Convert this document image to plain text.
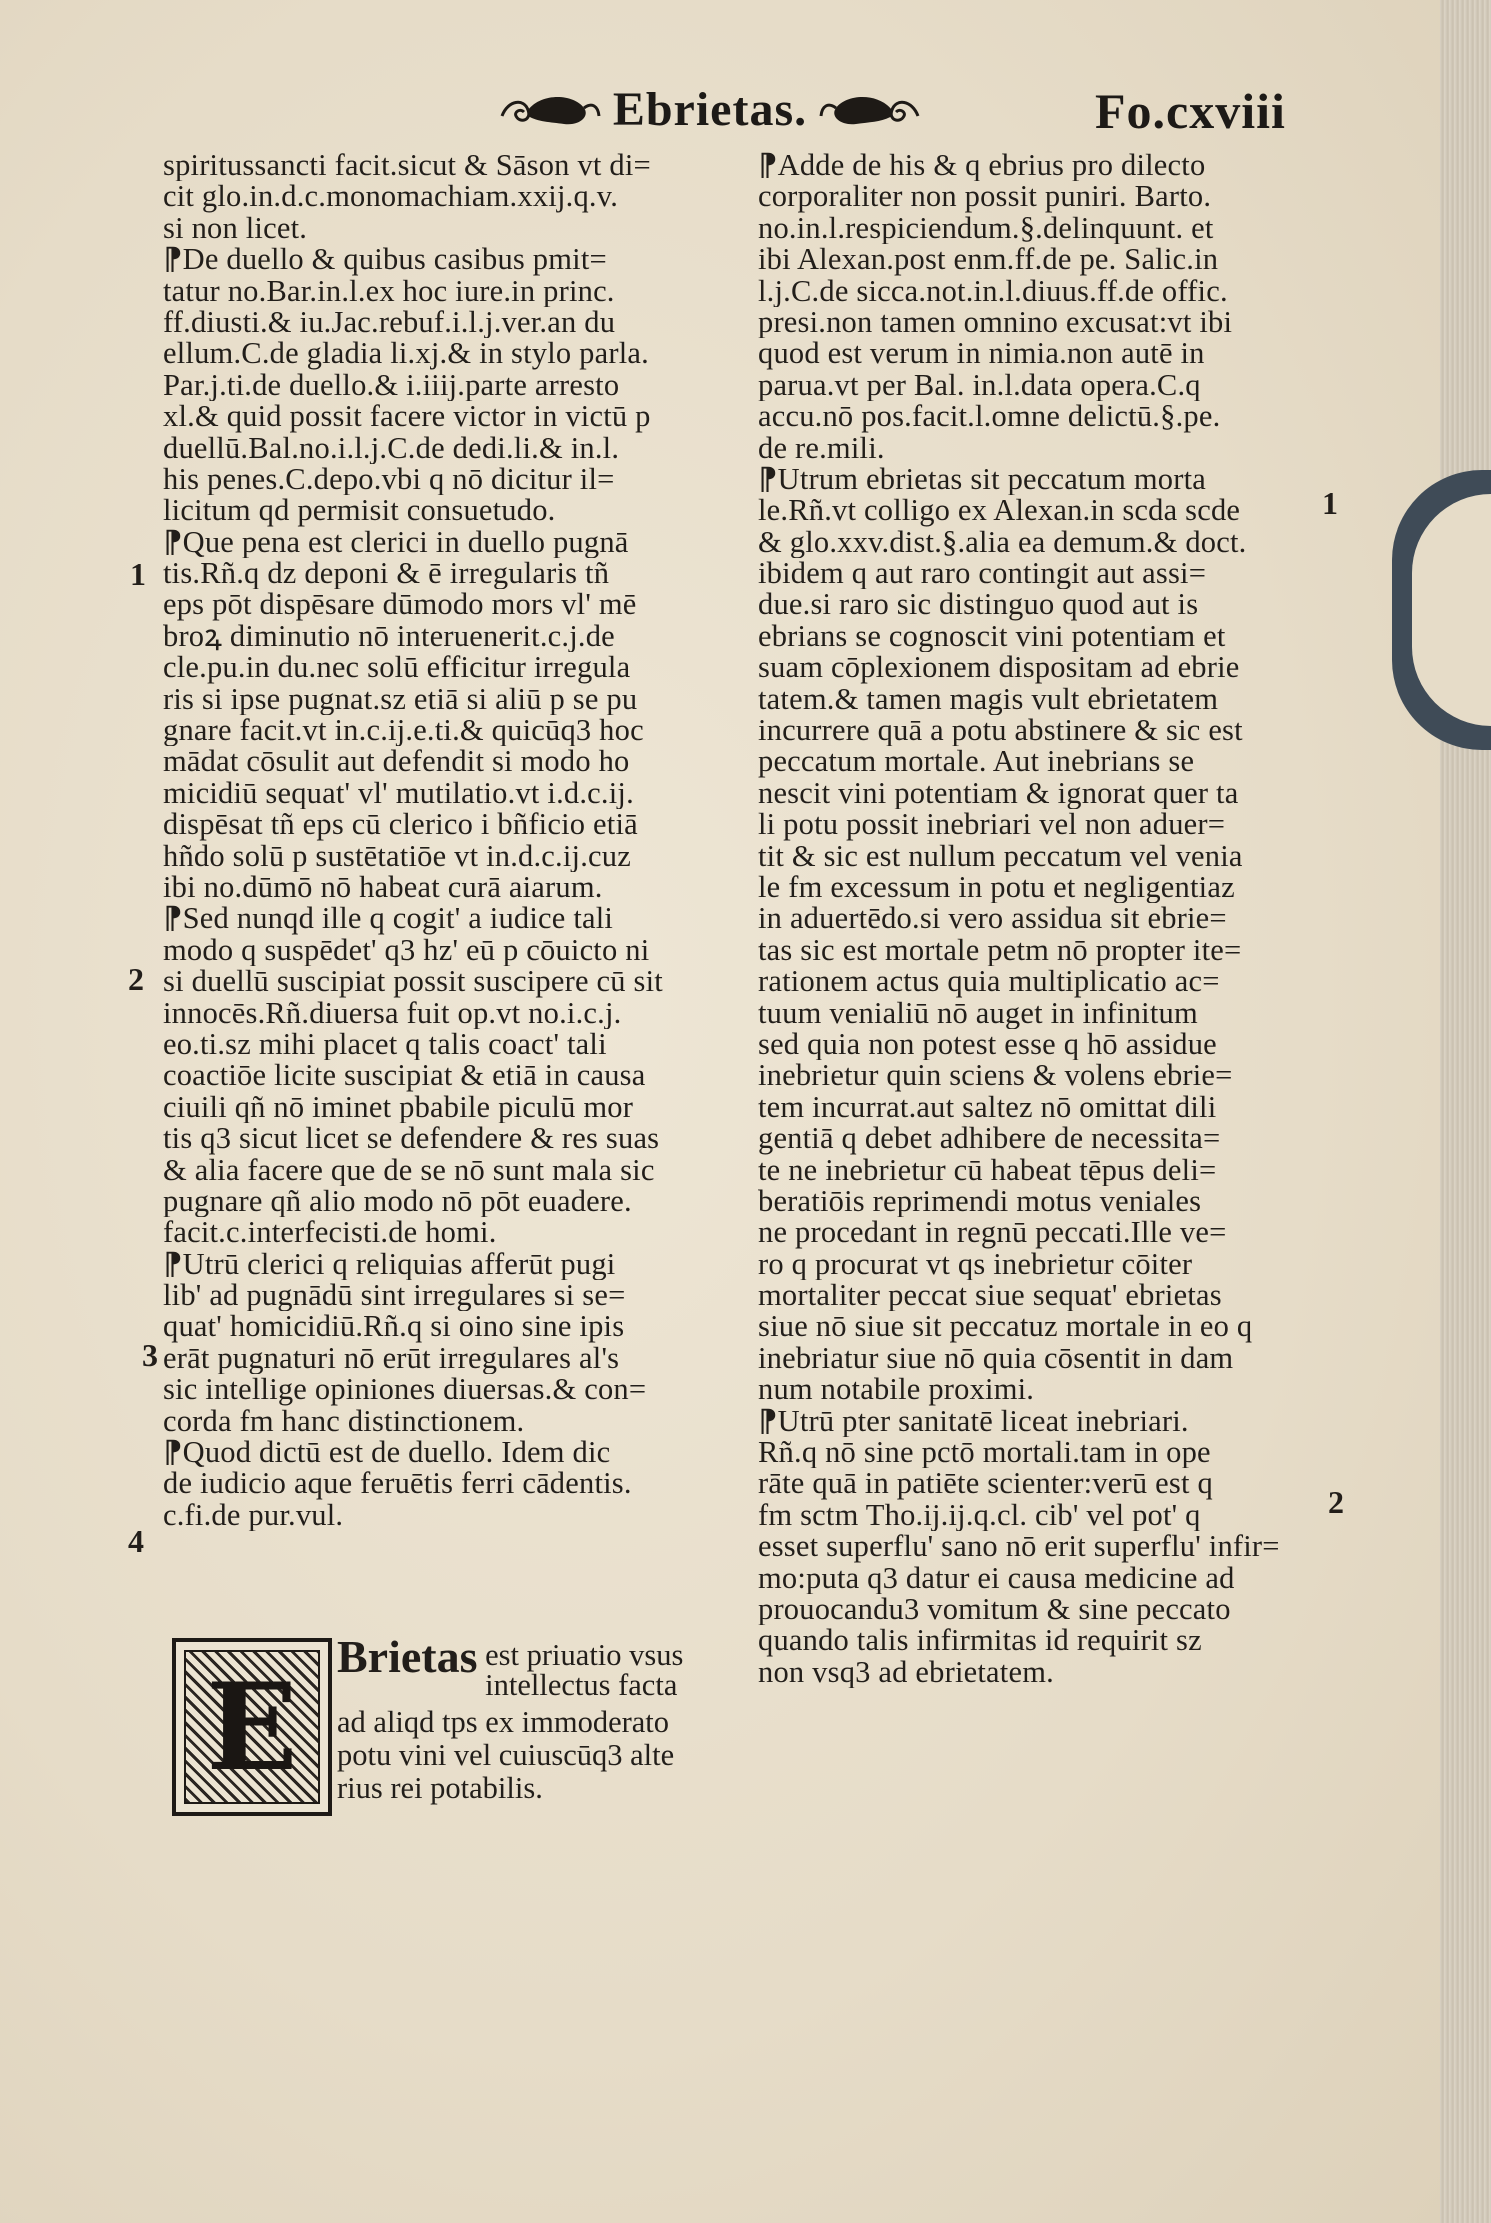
Ebrietas.	Fo.cxviii
spiritussancti facit.sicut & Sāson vt di=
cit glo.in.d.c.monomachiam.xxij.q.v.
si non licet.
⁋De duello & quibus casibus pmit=
tatur no.Bar.in.l.ex hoc iure.in princ.
ff.diusti.& iu.Jac.rebuf.i.l.j.ver.an du
ellum.C.de gladia li.xj.& in stylo parla.
Par.j.ti.de duello.& i.iiij.parte arresto
xl.& quid possit facere victor in victū p
duellū.Bal.no.i.l.j.C.de dedi.li.& in.l.
his penes.C.depo.vbi q nō dicitur il=
licitum qd permisit consuetudo.
⁋Que pena est clerici in duello pugnā
tis.Rñ.q dz deponi & ē irregularis tñ
eps pōt dispēsare dūmodo mors vl' mē
broꝝ diminutio nō interuenerit.c.j.de
cle.pu.in du.nec solū efficitur irregula
ris si ipse pugnat.sz etiā si aliū p se pu
gnare facit.vt in.c.ij.e.ti.& quicūq3 hoc
mādat cōsulit aut defendit si modo ho
micidiū sequat' vl' mutilatio.vt i.d.c.ij.
dispēsat tñ eps cū clerico i bñficio etiā
hñdo solū p sustētatiōe vt in.d.c.ij.cuz
ibi no.dūmō nō habeat curā aiarum.
⁋Sed nunqd ille q cogit' a iudice tali
modo q suspēdet' q3 hz' eū p cōuicto ni
si duellū suscipiat possit suscipere cū sit
innocēs.Rñ.diuersa fuit op.vt no.i.c.j.
eo.ti.sz mihi placet q talis coact' tali
coactiōe licite suscipiat & etiā in causa
ciuili qñ nō iminet pbabile piculū mor
tis q3 sicut licet se defendere & res suas
& alia facere que de se nō sunt mala sic
pugnare qñ alio modo nō pōt euadere.
facit.c.interfecisti.de homi.
⁋Utrū clerici q reliquias afferūt pugi
lib' ad pugnādū sint irregulares si se=
quat' homicidiū.Rñ.q si oino sine ipis
erāt pugnaturi nō erūt irregulares al's
sic intellige opiniones diuersas.& con=
corda fm hanc distinctionem.
⁋Quod dictū est de duello. Idem dic
de iudicio aque feruētis ferri cādentis.
c.fi.de pur.vul.
1
2
3
4
E Brietas est priuatio vsus
intellectus facta
ad aliqd tps ex immoderato
potu vini vel cuiuscūq3 alte
rius rei potabilis.
⁋Adde de his & q ebrius pro dilecto
corporaliter non possit puniri. Barto.
no.in.l.respiciendum.§.delinquunt. et
ibi Alexan.post enm.ff.de pe. Salic.in
l.j.C.de sicca.not.in.l.diuus.ff.de offic.
presi.non tamen omnino excusat:vt ibi
quod est verum in nimia.non autē in
parua.vt per Bal. in.l.data opera.C.q
accu.nō pos.facit.l.omne delictū.§.pe.
de re.mili.
⁋Utrum ebrietas sit peccatum morta
le.Rñ.vt colligo ex Alexan.in scda scde
& glo.xxv.dist.§.alia ea demum.& doct.
ibidem q aut raro contingit aut assi=
due.si raro sic distinguo quod aut is
ebrians se cognoscit vini potentiam et
suam cōplexionem dispositam ad ebrie
tatem.& tamen magis vult ebrietatem
incurrere quā a potu abstinere & sic est
peccatum mortale. Aut inebrians se
nescit vini potentiam & ignorat quer ta
li potu possit inebriari vel non aduer=
tit & sic est nullum peccatum vel venia
le fm excessum in potu et negligentiaz
in aduertēdo.si vero assidua sit ebrie=
tas sic est mortale petm nō propter ite=
rationem actus quia multiplicatio ac=
tuum venialiū nō auget in infinitum
sed quia non potest esse q hō assidue
inebrietur quin sciens & volens ebrie=
tem incurrat.aut saltez nō omittat dili
gentiā q debet adhibere de necessita=
te ne inebrietur cū habeat tēpus deli=
beratiōis reprimendi motus veniales
ne procedant in regnū peccati.Ille ve=
ro q procurat vt qs inebrietur cōiter
mortaliter peccat siue sequat' ebrietas
siue nō siue sit peccatuz mortale in eo q
inebriatur siue nō quia cōsentit in dam
num notabile proximi.
⁋Utrū pter sanitatē liceat inebriari.
Rñ.q nō sine pctō mortali.tam in ope
rāte quā in patiēte scienter:verū est q
fm sctm Tho.ij.ij.q.cl. cib' vel pot' q
esset superflu' sano nō erit superflu' infir=
mo:puta q3 datur ei causa medicine ad
prouocandu3 vomitum & sine peccato
quando talis infirmitas id requirit sz
non vsq3 ad ebrietatem.
1
2
